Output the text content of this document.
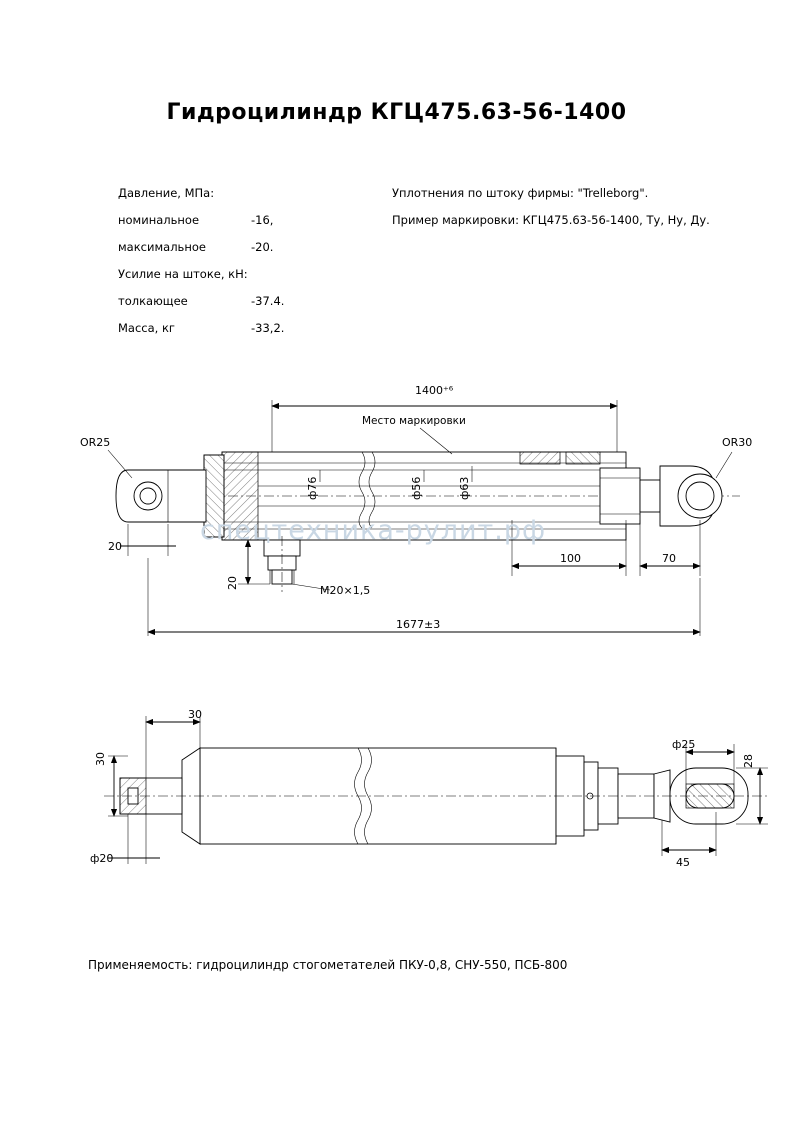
Гидроцилиндр КГЦ475.63-56-1400
Давление, МПа:
номинальное	-16,
максимальное	-20.
Усилие на штоке, кН:
толкающее	-37.4.
Масса, кг	-33,2.
Уплотнения по штоку фирмы: "Trelleborg".
Пример маркировки: КГЦ475.63-56-1400, Ту, Ну, Ду.
OR25	OR30
M20×1,5
1400⁺⁶
Место маркировки
ф76	ф56	ф63
20
20
100	70
1677±3
30
30
ф20
ф25
28
45
спецтехника-рулит.рф
Применяемость: гидроцилиндр стогометателей ПКУ-0,8, СНУ-550, ПСБ-800
